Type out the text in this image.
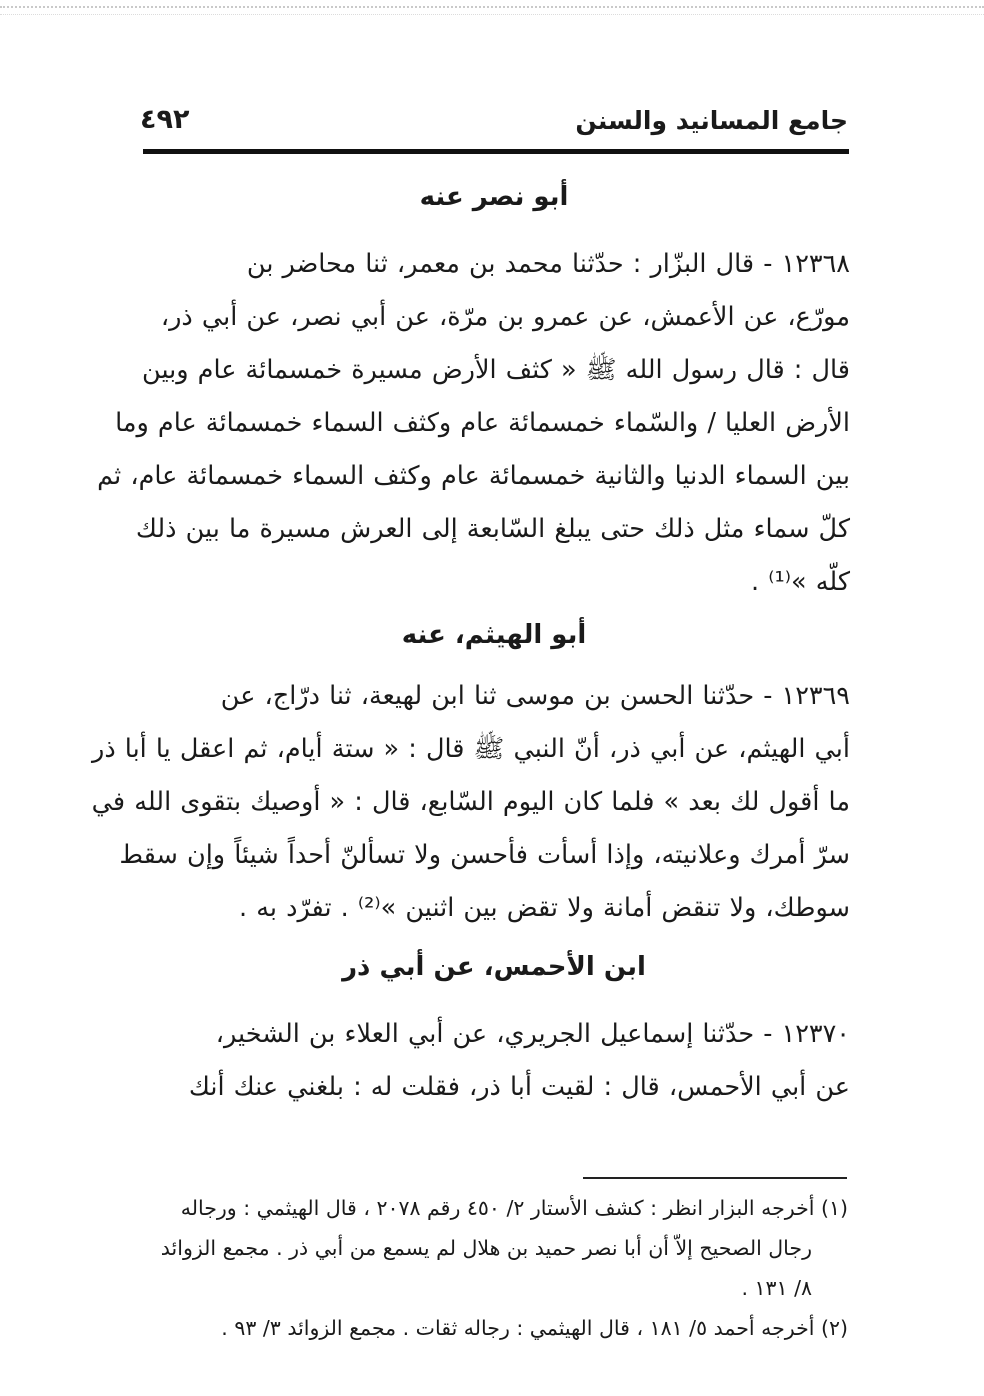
جامع المسانيد والسنن
٤٩٢
أبو نصر عنه
١٢٣٦٨ - قال البزّار : حدّثنا محمد بن معمر، ثنا محاضر بن
مورّع، عن الأعمش، عن عمرو بن مرّة، عن أبي نصر، عن أبي ذر،
قال : قال رسول الله ﷺ « كثف الأرض مسيرة خمسمائة عام وبين
الأرض العليا / والسّماء خمسمائة عام وكثف السماء خمسمائة عام وما
بين السماء الدنيا والثانية خمسمائة عام وكثف السماء خمسمائة عام، ثم
كلّ سماء مثل ذلك حتى يبلغ السّابعة إلى العرش مسيرة ما بين ذلك
كلّه »⁽¹⁾ .
أبو الهيثم، عنه
١٢٣٦٩ - حدّثنا الحسن بن موسى ثنا ابن لهيعة، ثنا درّاج، عن
أبي الهيثم، عن أبي ذر، أنّ النبي ﷺ قال : « ستة أيام، ثم اعقل يا أبا ذر
ما أقول لك بعد » فلما كان اليوم السّابع، قال : « أوصيك بتقوى الله في
سرّ أمرك وعلانيته، وإذا أسأت فأحسن ولا تسألنّ أحداً شيئاً وإن سقط
سوطك، ولا تنقض أمانة ولا تقض بين اثنين »⁽²⁾ . تفرّد به .
ابن الأحمس، عن أبي ذر
١٢٣٧٠ - حدّثنا إسماعيل الجريري، عن أبي العلاء بن الشخير،
عن أبي الأحمس، قال : لقيت أبا ذر، فقلت له : بلغني عنك أنك
(١) أخرجه البزار انظر : كشف الأستار ٢/ ٤٥٠ رقم ٢٠٧٨ ، قال الهيثمي : ورجاله
رجال الصحيح إلاّ أن أبا نصر حميد بن هلال لم يسمع من أبي ذر . مجمع الزوائد
٨/ ١٣١ .
(٢) أخرجه أحمد ٥/ ١٨١ ، قال الهيثمي : رجاله ثقات . مجمع الزوائد ٣/ ٩٣ .
